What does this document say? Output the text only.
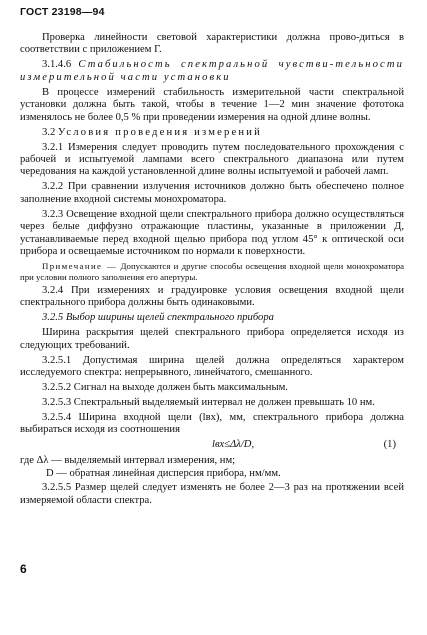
ГОСТ 23198—94

Проверка линейности световой характеристики должна прово-диться в соответствии с приложением Г.

3.1.4.6 Стабильность спектральной чувстви-тельности измерительной части установки

В процессе измерений стабильность измерительной части спектральной установки должна быть такой, чтобы в течение 1—2 мин значение фототока изменялось не более 0,5 % при проведении измерения на одной длине волны.

3.2 Условия проведения измерений

3.2.1 Измерения следует проводить путем последовательного прохождения с рабочей и испытуемой лампами всего спектрального диапазона или путем чередования на каждой установленной длине волны испытуемой и рабочей ламп.

3.2.2 При сравнении излучения источников должно быть обеспечено полное заполнение входной системы монохроматора.

3.2.3 Освещение входной щели спектрального прибора должно осуществляться через белые диффузно отражающие пластины, указанные в приложении Д, устанавливаемые перед входной щелью прибора под углом 45° к оптической оси прибора и освещаемые источником по нормали к поверхности.

Примечание — Допускаются и другие способы освещения входной щели монохроматора при условии полного заполнения его апертуры.

3.2.4 При измерениях и градуировке условия освещения входной щели спектрального прибора должны быть одинаковыми.

3.2.5 Выбор ширины щелей спектрального прибора

Ширина раскрытия щелей спектрального прибора определяется исходя из следующих требований.

3.2.5.1 Допустимая ширина щелей должна определяться характером исследуемого спектра: непрерывного, линейчатого, смешанного.

3.2.5.2 Сигнал на выходе должен быть максимальным.

3.2.5.3 Спектральный выделяемый интервал не должен превышать 10 нм.

3.2.5.4 Ширина входной щели (lвх), мм, спектрального прибора должна выбираться исходя из соотношения

lвх≤Δλ/D,	(1)
где Δλ — выделяемый интервал измерения, нм;
D — обратная линейная дисперсия прибора, нм/мм.

3.2.5.5 Размер щелей следует изменять не более 2—3 раз на протяжении всей измеряемой области спектра.

6
